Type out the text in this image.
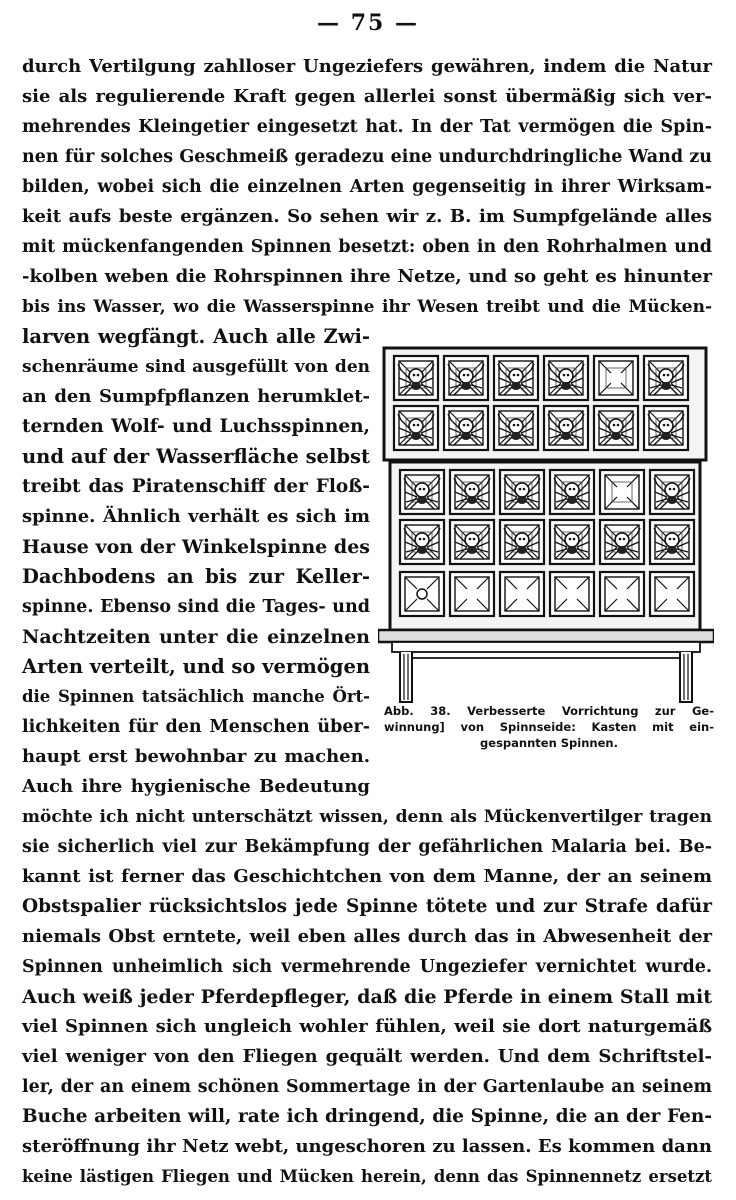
— 75 —
durch Vertilgung zahlloser Ungeziefers gewähren, indem die Natur
sie als regulierende Kraft gegen allerlei sonst übermäßig sich ver-
mehrendes Kleingetier eingesetzt hat. In der Tat vermögen die Spin-
nen für solches Geschmeiß geradezu eine undurchdringliche Wand zu
bilden, wobei sich die einzelnen Arten gegenseitig in ihrer Wirksam-
keit aufs beste ergänzen. So sehen wir z. B. im Sumpfgelände alles
mit mückenfangenden Spinnen besetzt: oben in den Rohrhalmen und
-kolben weben die Rohrspinnen ihre Netze, und so geht es hinunter
bis ins Wasser, wo die Wasserspinne ihr Wesen treibt und die Mücken-
larven wegfängt. Auch alle Zwi-
schenräume sind ausgefüllt von den
an den Sumpfpflanzen herumklet-
ternden Wolf- und Luchsspinnen,
und auf der Wasserfläche selbst
treibt das Piratenschiff der Floß-
spinne. Ähnlich verhält es sich im
Hause von der Winkelspinne des
Dachbodens an bis zur Keller-
spinne. Ebenso sind die Tages- und
Nachtzeiten unter die einzelnen
Arten verteilt, und so vermögen
die Spinnen tatsächlich manche Ört-
lichkeiten für den Menschen über-
haupt erst bewohnbar zu machen.
Auch ihre hygienische Bedeutung
Abb. 38. Verbesserte Vorrichtung zur Ge-
winnung] von Spinnseide: Kasten mit ein-
gespannten Spinnen.
möchte ich nicht unterschätzt wissen, denn als Mückenvertilger tragen
sie sicherlich viel zur Bekämpfung der gefährlichen Malaria bei. Be-
kannt ist ferner das Geschichtchen von dem Manne, der an seinem
Obstspalier rücksichtslos jede Spinne tötete und zur Strafe dafür
niemals Obst erntete, weil eben alles durch das in Abwesenheit der
Spinnen unheimlich sich vermehrende Ungeziefer vernichtet wurde.
Auch weiß jeder Pferdepfleger, daß die Pferde in einem Stall mit
viel Spinnen sich ungleich wohler fühlen, weil sie dort naturgemäß
viel weniger von den Fliegen gequält werden. Und dem Schriftstel-
ler, der an einem schönen Sommertage in der Gartenlaube an seinem
Buche arbeiten will, rate ich dringend, die Spinne, die an der Fen-
steröffnung ihr Netz webt, ungeschoren zu lassen. Es kommen dann
keine lästigen Fliegen und Mücken herein, denn das Spinnennetz ersetzt
